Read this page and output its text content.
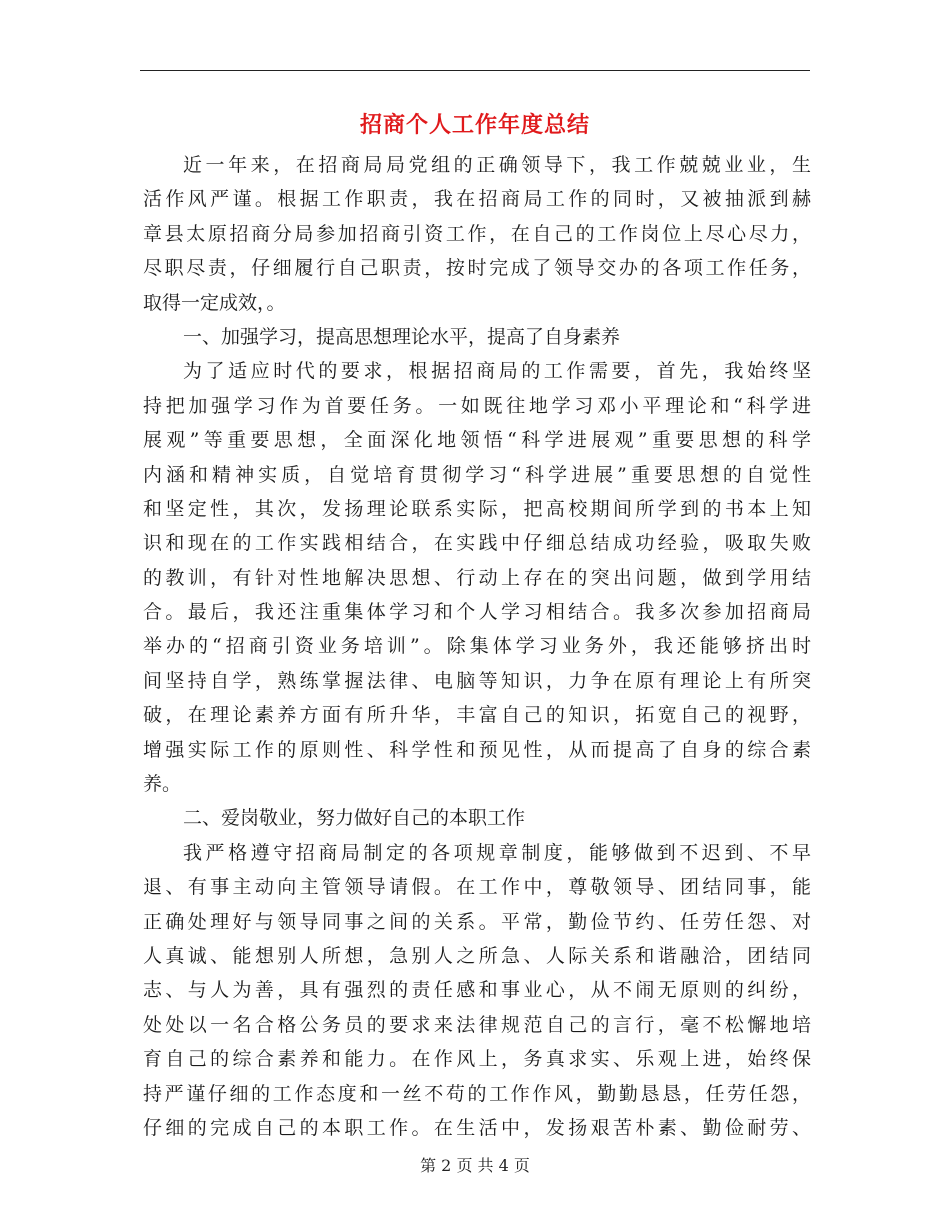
招商个人工作年度总结
近一年来，在招商局局党组的正确领导下，我工作兢兢业业，生
活作风严谨。根据工作职责，我在招商局工作的同时，又被抽派到赫
章县太原招商分局参加招商引资工作，在自己的工作岗位上尽心尽力，
尽职尽责，仔细履行自己职责，按时完成了领导交办的各项工作任务，
取得一定成效，。
一、加强学习，提高思想理论水平，提高了自身素养
为了适应时代的要求，根据招商局的工作需要，首先，我始终坚
持把加强学习作为首要任务。一如既往地学习邓小平理论和“科学进
展观”等重要思想，全面深化地领悟“科学进展观”重要思想的科学
内涵和精神实质，自觉培育贯彻学习“科学进展”重要思想的自觉性
和坚定性，其次，发扬理论联系实际，把高校期间所学到的书本上知
识和现在的工作实践相结合，在实践中仔细总结成功经验，吸取失败
的教训，有针对性地解决思想、行动上存在的突出问题，做到学用结
合。最后，我还注重集体学习和个人学习相结合。我多次参加招商局
举办的“招商引资业务培训”。除集体学习业务外，我还能够挤出时
间坚持自学，熟练掌握法律、电脑等知识，力争在原有理论上有所突
破，在理论素养方面有所升华，丰富自己的知识，拓宽自己的视野，
增强实际工作的原则性、科学性和预见性，从而提高了自身的综合素
养。
二、爱岗敬业，努力做好自己的本职工作
我严格遵守招商局制定的各项规章制度，能够做到不迟到、不早
退、有事主动向主管领导请假。在工作中，尊敬领导、团结同事，能
正确处理好与领导同事之间的关系。平常，勤俭节约、任劳任怨、对
人真诚、能想别人所想，急别人之所急、人际关系和谐融洽，团结同
志、与人为善，具有强烈的责任感和事业心，从不闹无原则的纠纷，
处处以一名合格公务员的要求来法律规范自己的言行，毫不松懈地培
育自己的综合素养和能力。在作风上，务真求实、乐观上进，始终保
持严谨仔细的工作态度和一丝不苟的工作作风，勤勤恳恳，任劳任怨，
仔细的完成自己的本职工作。在生活中，发扬艰苦朴素、勤俭耐劳、
第 2 页 共 4 页
